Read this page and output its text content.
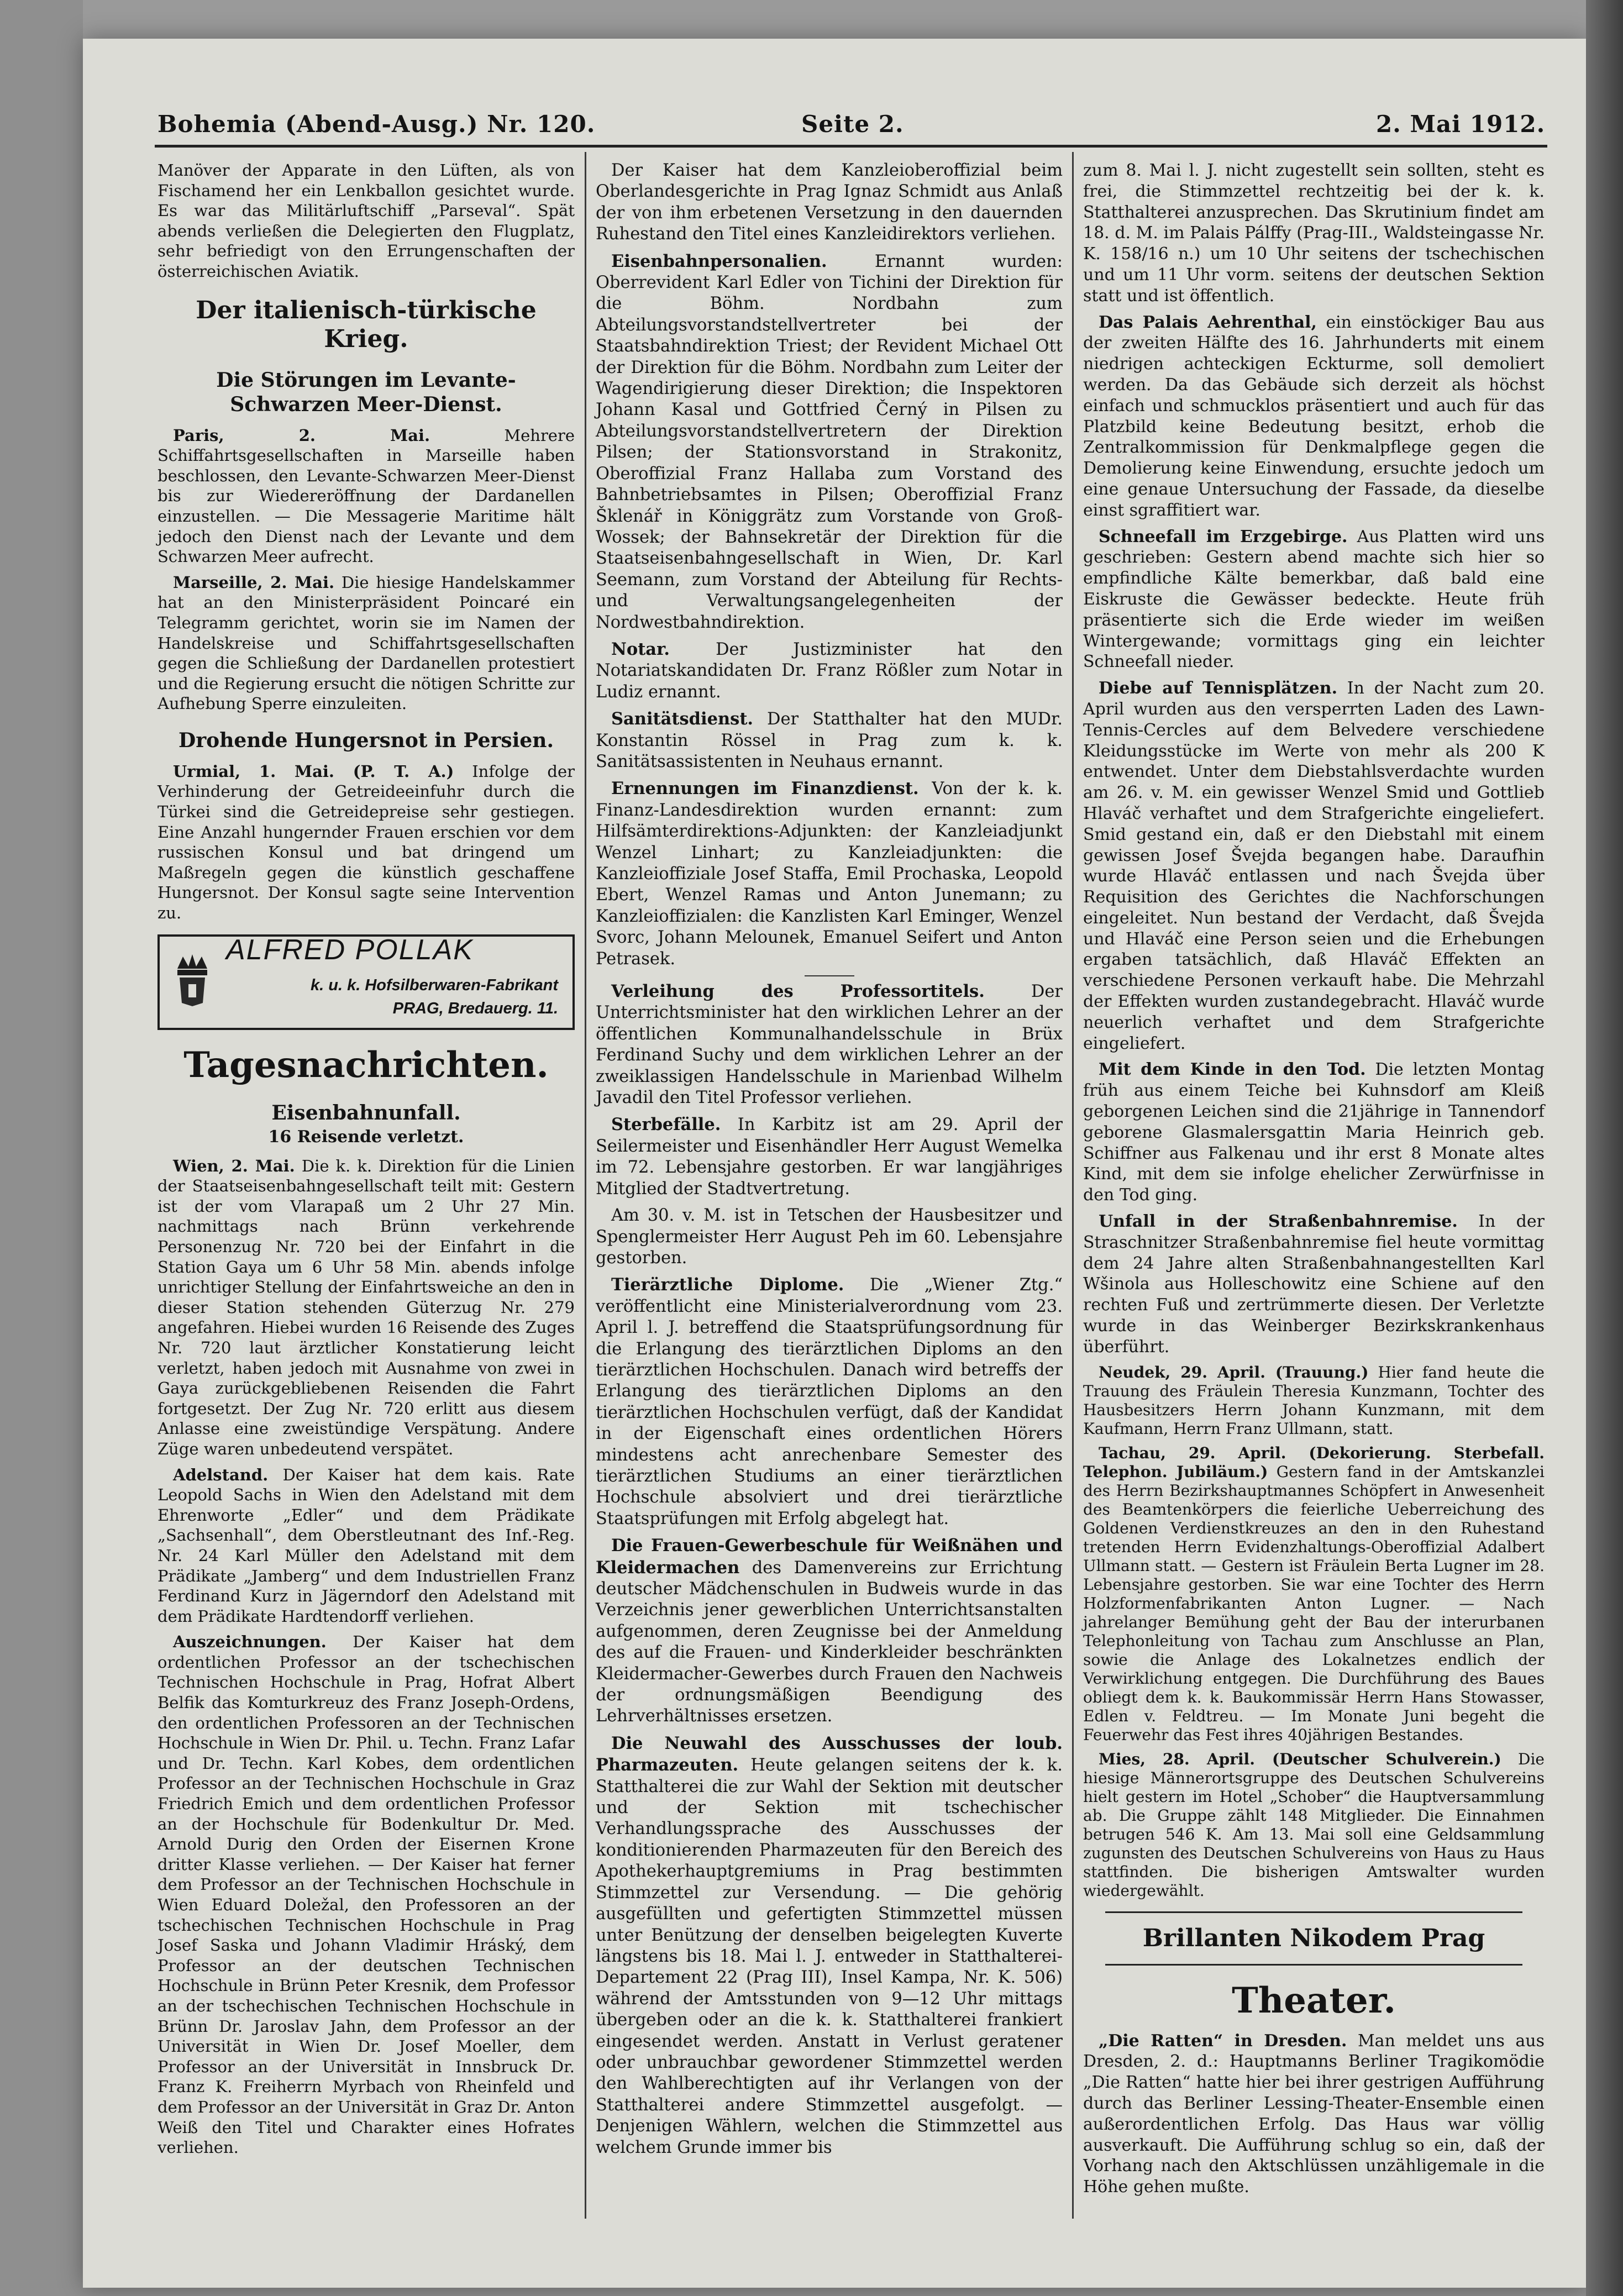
Bohemia (Abend-Ausg.) Nr. 120.	Seite 2.	2. Mai 1912.

Manöver der Apparate in den Lüften, als von Fischamend her ein Lenkballon gesichtet wurde. Es war das Militärluftschiff „Parseval“. Spät abends verließen die Delegierten den Flugplatz, sehr befriedigt von den Errungenschaften der österreichischen Aviatik.

Der italienisch-türkische Krieg.
Die Störungen im Levante-Schwarzen Meer-Dienst.

Paris, 2. Mai.	Mehrere Schiffahrtsgesellschaften in Marseille haben beschlossen, den Levante-Schwarzen Meer-Dienst bis zur Wiedereröffnung der Dardanellen einzustellen. — Die Messagerie Maritime hält jedoch den Dienst nach der Levante und dem Schwarzen Meer aufrecht.

Marseille, 2. Mai. Die hiesige Handelskammer hat an den Ministerpräsident Poincaré ein Telegramm gerichtet, worin sie im Namen der Handelskreise und Schiffahrtsgesellschaften gegen die Schließung der Dardanellen protestiert und die Regierung ersucht die nötigen Schritte zur Aufhebung Sperre einzuleiten.

Drohende Hungersnot in Persien.

Urmial, 1. Mai. (P. T. A.) Infolge der Verhinderung der Getreideeinfuhr durch die Türkei sind die Getreidepreise sehr gestiegen. Eine Anzahl hungernder Frauen erschien vor dem russischen Konsul und bat dringend um Maßregeln gegen die künstlich geschaffene Hungersnot. Der Konsul sagte seine Intervention zu.

ALFRED POLLAK
k. u. k. Hofsilberwaren-Fabrikant
PRAG, Bredauerg. 11.
Tagesnachrichten.
Eisenbahnunfall.
16 Reisende verletzt.

Wien, 2. Mai. Die k. k. Direktion für die Linien der Staatseisenbahngesellschaft teilt mit: Gestern ist der vom Vlarapaß um 2 Uhr 27 Min. nachmittags nach Brünn verkehrende Personenzug Nr. 720 bei der Einfahrt in die Station Gaya um 6 Uhr 58 Min. abends infolge unrichtiger Stellung der Einfahrtsweiche an den in dieser Station stehenden Güterzug Nr. 279 angefahren. Hiebei wurden 16 Reisende des Zuges Nr. 720 laut ärztlicher Konstatierung leicht verletzt, haben jedoch mit Ausnahme von zwei in Gaya zurückgebliebenen Reisenden die Fahrt fortgesetzt. Der Zug Nr. 720 erlitt aus diesem Anlasse eine zweistündige Verspätung. Andere Züge waren unbedeutend verspätet.

Adelstand. Der Kaiser hat dem kais. Rate Leopold Sachs in Wien den Adelstand mit dem Ehrenworte „Edler“ und dem Prädikate „Sachsenhall“, dem Oberstleutnant des Inf.-Reg. Nr. 24 Karl Müller den Adelstand mit dem Prädikate „Jamberg“ und dem Industriellen Franz Ferdinand Kurz in Jägerndorf den Adelstand mit dem Prädikate Hardtendorff verliehen.

Auszeichnungen. Der Kaiser hat dem ordentlichen Professor an der tschechischen Technischen Hochschule in Prag, Hofrat Albert Belfik das Komturkreuz des Franz Joseph-Ordens, den ordentlichen Professoren an der Technischen Hochschule in Wien Dr. Phil. u. Techn. Franz Lafar und Dr. Techn. Karl Kobes, dem ordentlichen Professor an der Technischen Hochschule in Graz Friedrich Emich und dem ordentlichen Professor an der Hochschule für Bodenkultur Dr. Med. Arnold Durig den Orden der Eisernen Krone dritter Klasse verliehen. — Der Kaiser hat ferner dem Professor an der Technischen Hochschule in Wien Eduard Doležal, den Professoren an der tschechischen Technischen Hochschule in Prag Josef Saska und Johann Vladimir Hráský, dem Professor an der deutschen Technischen Hochschule in Brünn Peter Kresnik, dem Professor an der tschechischen Technischen Hochschule in Brünn Dr. Jaroslav Jahn, dem Professor an der Universität in Wien Dr. Josef Moeller, dem Professor an der Universität in Innsbruck Dr. Franz K. Freiherrn Myrbach von Rheinfeld und dem Professor an der Universität in Graz Dr. Anton Weiß den Titel und Charakter eines Hofrates verliehen.

Der Kaiser hat dem Kanzleioberoffizial beim Oberlandesgerichte in Prag Ignaz Schmidt aus Anlaß der von ihm erbetenen Versetzung in den dauernden Ruhestand den Titel eines Kanzleidirektors verliehen.

Eisenbahnpersonalien.	Ernannt wurden: Oberrevident Karl Edler von Tichini der Direktion für die Böhm. Nordbahn zum Abteilungsvorstandstellvertreter bei der Staatsbahndirektion Triest; der Revident Michael Ott der Direktion für die Böhm. Nordbahn zum Leiter der Wagendirigierung dieser Direktion; die Inspektoren Johann Kasal und Gottfried Černý in Pilsen zu Abteilungsvorstandstellvertretern der Direktion Pilsen; der Stationsvorstand in Strakonitz, Oberoffizial Franz Hallaba zum Vorstand des Bahnbetriebsamtes in Pilsen; Oberoffizial Franz Šklenář in Königgrätz zum Vorstande von Groß-Wossek; der Bahnsekretär der Direktion für die Staatseisenbahngesellschaft in Wien, Dr. Karl Seemann, zum Vorstand der Abteilung für Rechts- und Verwaltungsangelegenheiten der Nordwestbahndirektion.

Notar.	Der Justizminister hat den Notariatskandidaten Dr. Franz Rößler zum Notar in Ludiz ernannt.

Sanitätsdienst. Der Statthalter hat den MUDr. Konstantin Rössel in Prag zum k. k. Sanitätsassistenten in Neuhaus ernannt.

Ernennungen im Finanzdienst. Von der k. k. Finanz-Landesdirektion wurden ernannt: zum Hilfsämterdirektions-Adjunkten: der Kanzleiadjunkt Wenzel Linhart; zu Kanzleiadjunkten: die Kanzleioffiziale Josef Staffa, Emil Prochaska, Leopold Ebert, Wenzel Ramas und Anton Junemann; zu Kanzleioffizialen: die Kanzlisten Karl Eminger, Wenzel Svorc, Johann Melounek, Emanuel Seifert und Anton Petrasek.

Verleihung des Professortitels.	Der Unterrichtsminister hat den wirklichen Lehrer an der öffentlichen Kommunalhandelsschule in Brüx Ferdinand Suchy und dem wirklichen Lehrer an der zweiklassigen Handelsschule in Marienbad Wilhelm Javadil den Titel Professor verliehen.

Sterbefälle. In Karbitz ist am 29. April der Seilermeister und Eisenhändler Herr August Wemelka im 72. Lebensjahre gestorben. Er war langjähriges Mitglied der Stadtvertretung.

Am 30. v. M. ist in Tetschen der Hausbesitzer und Spenglermeister Herr August Peh im 60. Lebensjahre gestorben.

Tierärztliche Diplome. Die „Wiener Ztg.“ veröffentlicht eine Ministerialverordnung vom 23. April l. J. betreffend die Staatsprüfungsordnung für die Erlangung des tierärztlichen Diploms an den tierärztlichen Hochschulen. Danach wird betreffs der Erlangung des tierärztlichen Diploms an den tierärztlichen Hochschulen verfügt, daß der Kandidat in der Eigenschaft eines ordentlichen Hörers mindestens acht anrechenbare Semester des tierärztlichen Studiums an einer tierärztlichen Hochschule absolviert und drei tierärztliche Staatsprüfungen mit Erfolg abgelegt hat.

Die Frauen-Gewerbeschule für Weißnähen und Kleidermachen des Damenvereins zur Errichtung deutscher Mädchenschulen in Budweis wurde in das Verzeichnis jener gewerblichen Unterrichtsanstalten aufgenommen, deren Zeugnisse bei der Anmeldung des auf die Frauen- und Kinderkleider beschränkten Kleidermacher-Gewerbes durch Frauen den Nachweis der ordnungsmäßigen Beendigung des Lehrverhältnisses ersetzen.

Die Neuwahl des Ausschusses der loub. Pharmazeuten. Heute gelangen seitens der k. k. Statthalterei die zur Wahl der Sektion mit deutscher und der Sektion mit tschechischer Verhandlungssprache des Ausschusses der konditionierenden Pharmazeuten für den Bereich des Apothekerhauptgremiums in Prag bestimmten Stimmzettel zur Versendung. — Die gehörig ausgefüllten und gefertigten Stimmzettel müssen unter Benützung der denselben beigelegten Kuverte längstens bis 18. Mai l. J. entweder in Statthalterei-Departement 22 (Prag III), Insel Kampa, Nr. K. 506) während der Amtsstunden von 9—12 Uhr mittags übergeben oder an die k. k. Statthalterei frankiert eingesendet werden. Anstatt in Verlust geratener oder unbrauchbar gewordener Stimmzettel werden den Wahlberechtigten auf ihr Verlangen von der Statthalterei andere Stimmzettel ausgefolgt. — Denjenigen Wählern, welchen die Stimmzettel aus welchem Grunde immer bis

zum 8. Mai l. J. nicht zugestellt sein sollten, steht es frei, die Stimmzettel rechtzeitig bei der k. k. Statthalterei anzusprechen. Das Skrutinium findet am 18. d. M. im Palais Pálffy (Prag-III., Waldsteingasse Nr. K. 158/16 n.) um 10 Uhr seitens der tschechischen und um 11 Uhr vorm. seitens der deutschen Sektion statt und ist öffentlich.

Das Palais Aehrenthal, ein einstöckiger Bau aus der zweiten Hälfte des 16. Jahrhunderts mit einem niedrigen achteckigen Eckturme, soll demoliert werden. Da das Gebäude sich derzeit als höchst einfach und schmucklos präsentiert und auch für das Platzbild keine Bedeutung besitzt, erhob die Zentralkommission für Denkmalpflege gegen die Demolierung keine Einwendung, ersuchte jedoch um eine genaue Untersuchung der Fassade, da dieselbe einst sgraffitiert war.

Schneefall im Erzgebirge. Aus Platten wird uns geschrieben: Gestern abend machte sich hier so empfindliche Kälte bemerkbar, daß bald eine Eiskruste die Gewässer bedeckte. Heute früh präsentierte sich die Erde wieder im weißen Wintergewande; vormittags ging ein leichter Schneefall nieder.

Diebe auf Tennisplätzen. In der Nacht zum 20. April wurden aus den versperrten Laden des Lawn-Tennis-Cercles auf dem Belvedere verschiedene Kleidungsstücke im Werte von mehr als 200 K entwendet. Unter dem Diebstahlsverdachte wurden am 26. v. M. ein gewisser Wenzel Smid und Gottlieb Hlaváč verhaftet und dem Strafgerichte eingeliefert. Smid gestand ein, daß er den Diebstahl mit einem gewissen Josef Švejda begangen habe. Daraufhin wurde Hlaváč entlassen und nach Švejda über Requisition des Gerichtes die Nachforschungen eingeleitet. Nun bestand der Verdacht, daß Švejda und Hlaváč eine Person seien und die Erhebungen ergaben tatsächlich, daß Hlaváč Effekten an verschiedene Personen verkauft habe. Die Mehrzahl der Effekten wurden zustandegebracht. Hlaváč wurde neuerlich verhaftet und dem Strafgerichte eingeliefert.

Mit dem Kinde in den Tod. Die letzten Montag früh aus einem Teiche bei Kuhnsdorf am Kleiß geborgenen Leichen sind die 21jährige in Tannendorf geborene Glasmalersgattin Maria Heinrich geb. Schiffner aus Falkenau und ihr erst 8 Monate altes Kind, mit dem sie infolge ehelicher Zerwürfnisse in den Tod ging.

Unfall in der Straßenbahnremise. In der Straschnitzer Straßenbahnremise fiel heute vormittag dem 24 Jahre alten Straßenbahnangestellten Karl Wšinola aus Holleschowitz eine Schiene auf den rechten Fuß und zertrümmerte diesen. Der Verletzte wurde in das Weinberger Bezirkskrankenhaus überführt.

Neudek, 29. April. (Trauung.) Hier fand heute die Trauung des Fräulein Theresia Kunzmann, Tochter des Hausbesitzers Herrn Johann Kunzmann, mit dem Kaufmann, Herrn Franz Ullmann, statt.

Tachau, 29. April. (Dekorierung. Sterbefall. Telephon. Jubiläum.) Gestern fand in der Amtskanzlei des Herrn Bezirkshauptmannes Schöpfert in Anwesenheit des Beamtenkörpers die feierliche Ueberreichung des Goldenen Verdienstkreuzes an den in den Ruhestand tretenden Herrn Evidenzhaltungs-Oberoffizial Adalbert Ullmann statt. — Gestern ist Fräulein Berta Lugner im 28. Lebensjahre gestorben. Sie war eine Tochter des Herrn Holzformenfabrikanten Anton Lugner. — Nach jahrelanger Bemühung geht der Bau der interurbanen Telephonleitung von Tachau zum Anschlusse an Plan, sowie die Anlage des Lokalnetzes endlich der Verwirklichung entgegen. Die Durchführung des Baues obliegt dem k. k. Baukommissär Herrn Hans Stowasser, Edlen v. Feldtreu. — Im Monate Juni begeht die Feuerwehr das Fest ihres 40jährigen Bestandes.

Mies, 28. April. (Deutscher Schulverein.) Die hiesige Männerortsgruppe des Deutschen Schulvereins hielt gestern im Hotel „Schober“ die Hauptversammlung ab. Die Gruppe zählt 148 Mitglieder. Die Einnahmen betrugen 546 K. Am 13. Mai soll eine Geldsammlung zugunsten des Deutschen Schulvereins von Haus zu Haus stattfinden. Die bisherigen Amtswalter wurden wiedergewählt.

Brillanten Nikodem Prag
Theater.

„Die Ratten“ in Dresden. Man meldet uns aus Dresden, 2. d.: Hauptmanns Berliner Tragikomödie „Die Ratten“ hatte hier bei ihrer gestrigen Aufführung durch das Berliner Lessing-Theater-Ensemble einen außerordentlichen Erfolg. Das Haus war völlig ausverkauft. Die Aufführung schlug so ein, daß der Vorhang nach den Aktschlüssen unzähligemale in die Höhe gehen mußte.
